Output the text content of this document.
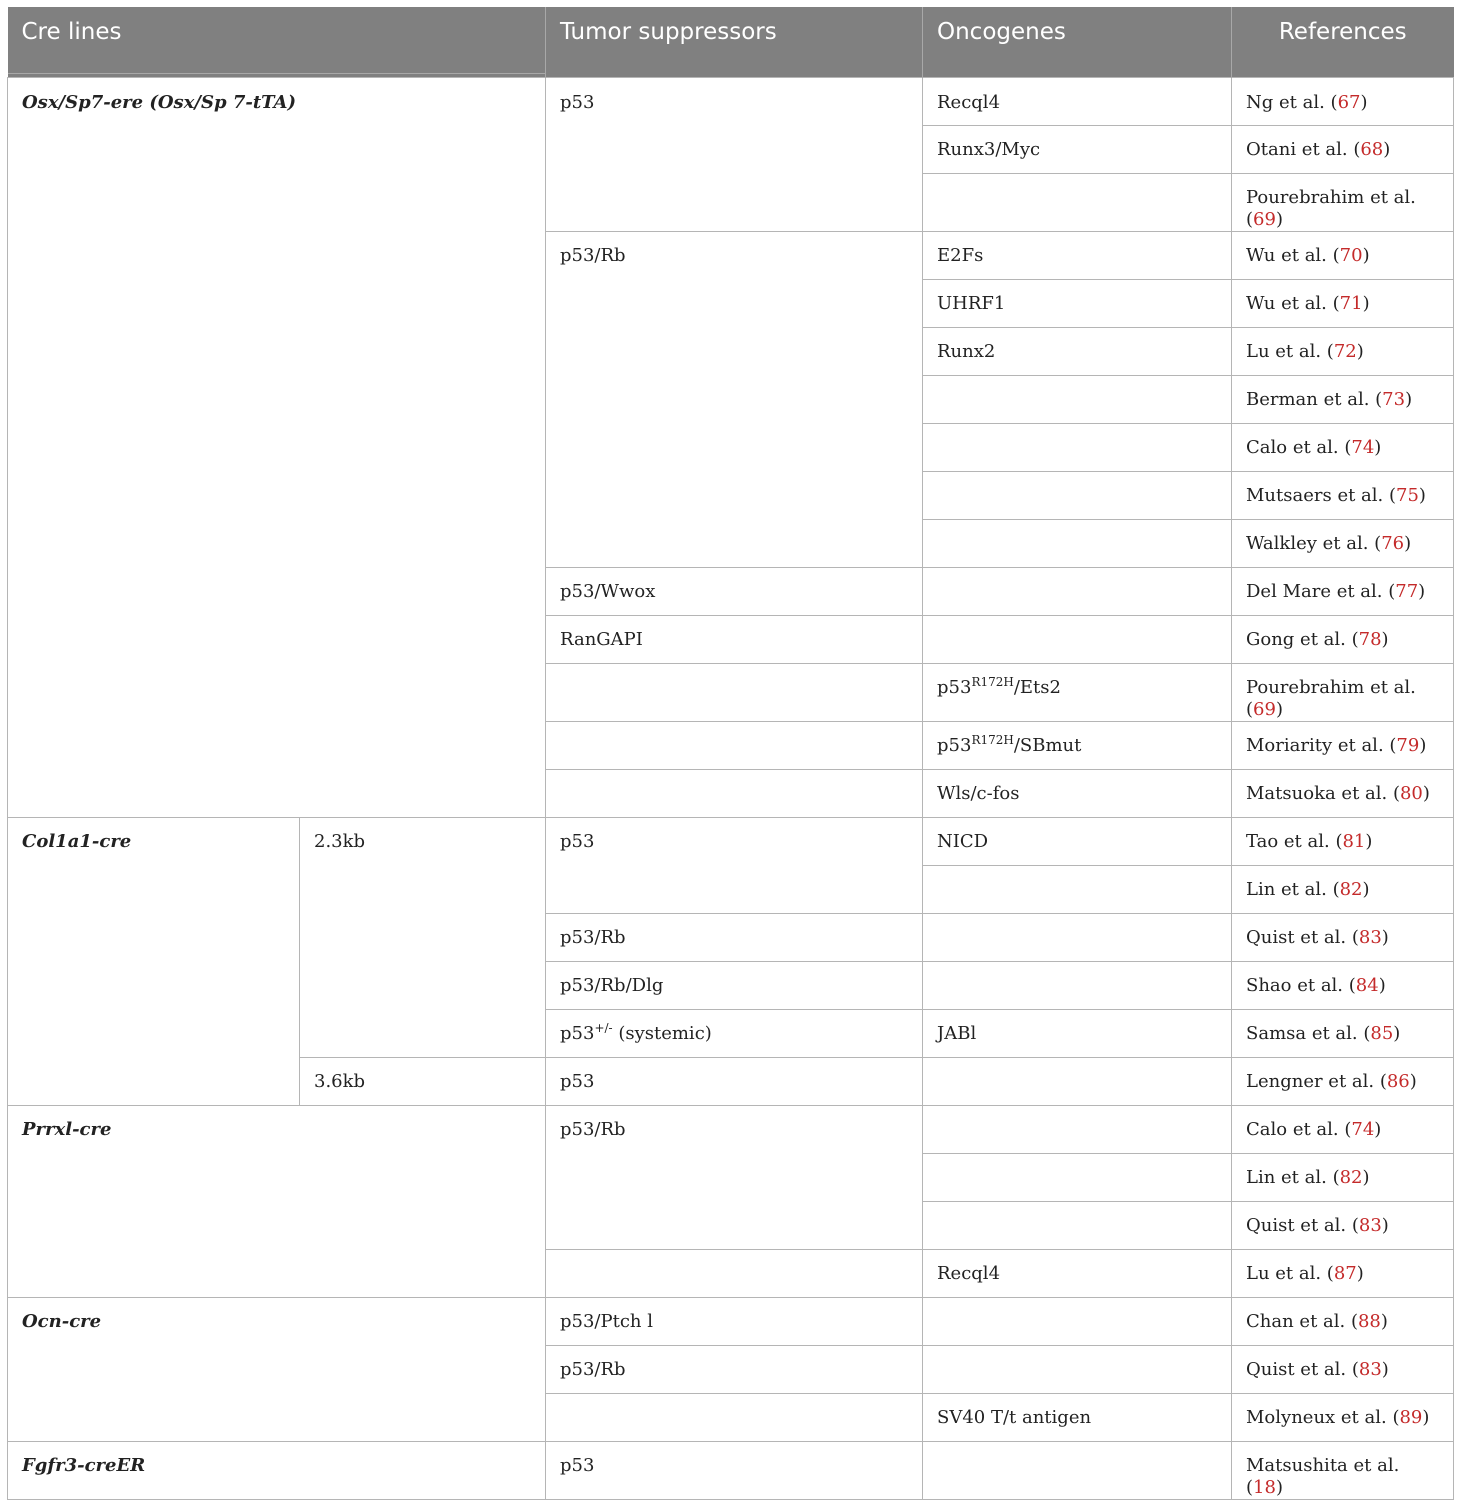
Cre lines		Tumor suppressors	Oncogenes	References
Osx/Sp7-ere (Osx/Sp 7-tTA)		p53	Recql4	Ng et al. (67)
			Runx3/Myc	Otani et al. (68)
				Pourebrahim et al. (69)
		p53/Rb	E2Fs	Wu et al. (70)
			UHRF1	Wu et al. (71)
			Runx2	Lu et al. (72)
				Berman et al. (73)
				Calo et al. (74)
				Mutsaers et al. (75)
				Walkley et al. (76)
		p53/Wwox		Del Mare et al. (77)
		RanGAPI		Gong et al. (78)
			$p53^{R172H}/Ets2$	Pourebrahim et al. (69)
			$p53^{R172H}$/SBmut	Moriarity et al. (79)
			Wls/c-fos	Matsuoka et al. (80)
Col1a1-cre	2.3kb	p53	NICD	Tao et al. (81)
				Lin et al. (82)
		p53/Rb		Quist et al. (83)
		p53/Rb/Dlg		Shao et al. (84)
		p53+/- (systemic)	JABl	Samsa et al. (85)
	3.6kb	p53		Lengner et al. (86)
Prrxl-cre		p53/Rb		Calo et al. (74)
				Lin et al. (82)
				Quist et al. (83)
			Recql4	Lu et al. (87)
Ocn-cre		p53/Ptch l		Chan et al. (88)
		p53/Rb		Quist et al. (83)
			SV40 T/t antigen	Molyneux et al. (89)
Fgfr3-creER		p53		Matsushita et al. (18)
